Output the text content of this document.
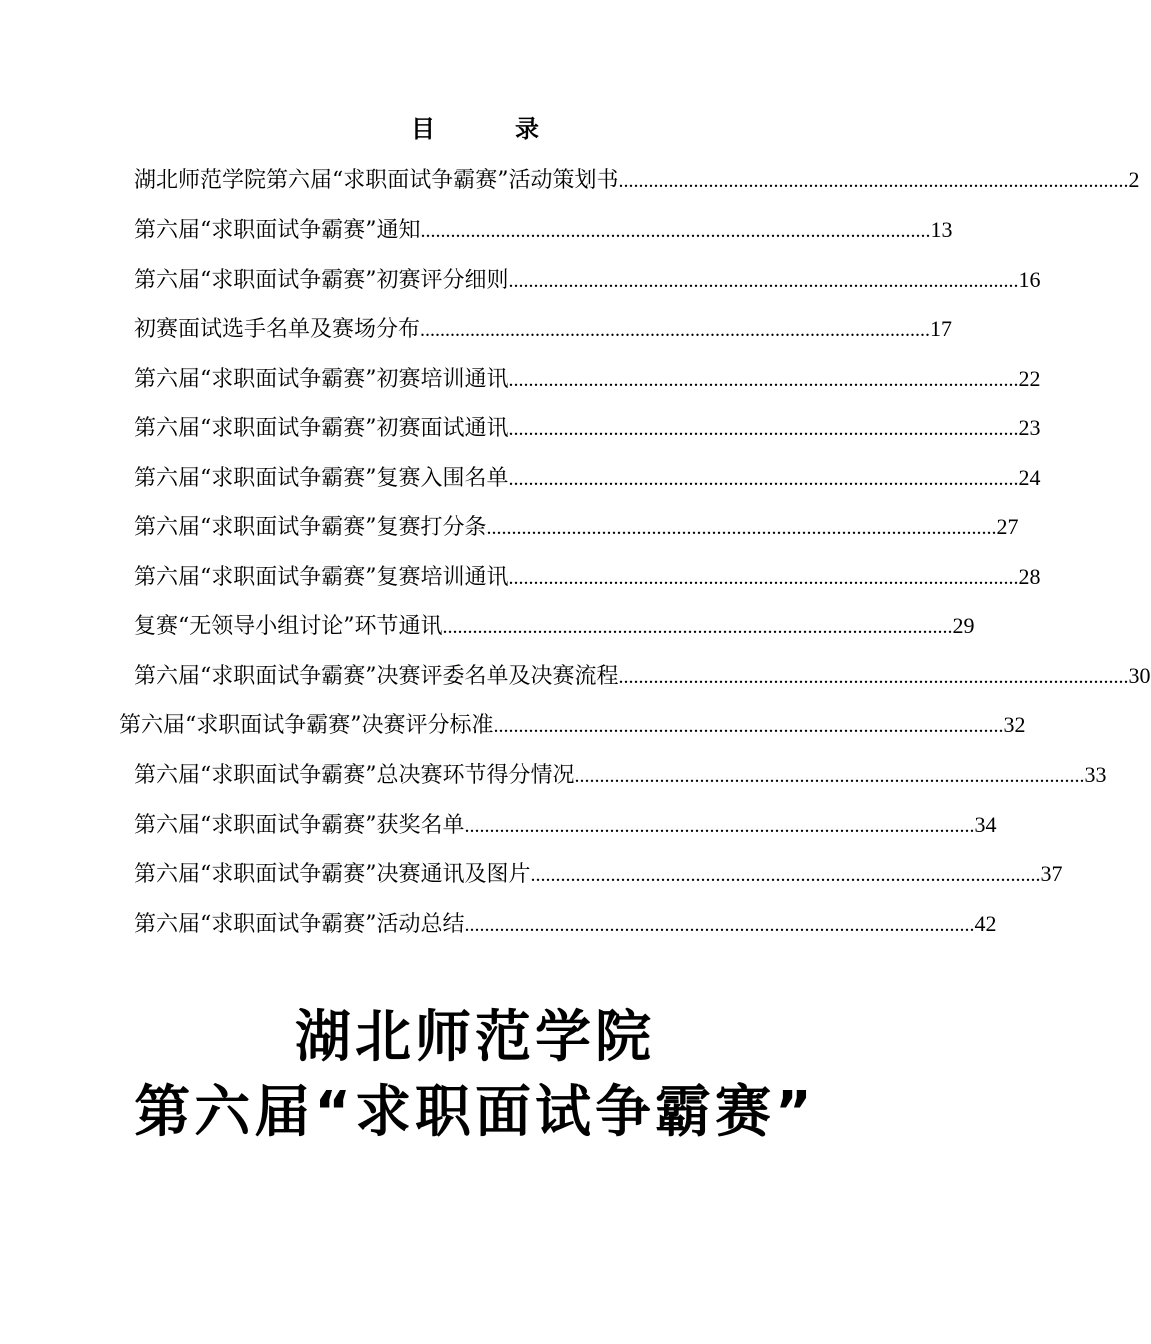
目　录
湖北师范学院第六届“求职面试争霸赛”活动策划书 ...................................................................................................... 2
第六届“求职面试争霸赛”通知 ...................................................................................................... 13
第六届“求职面试争霸赛”初赛评分细则 ...................................................................................................... 16
初赛面试选手名单及赛场分布 ...................................................................................................... 17
第六届“求职面试争霸赛”初赛培训通讯 ...................................................................................................... 22
第六届“求职面试争霸赛”初赛面试通讯 ...................................................................................................... 23
第六届“求职面试争霸赛”复赛入围名单 ...................................................................................................... 24
第六届“求职面试争霸赛”复赛打分条 ...................................................................................................... 27
第六届“求职面试争霸赛”复赛培训通讯 ...................................................................................................... 28
复赛“无领导小组讨论”环节通讯 ...................................................................................................... 29
第六届“求职面试争霸赛”决赛评委名单及决赛流程 ...................................................................................................... 30
第六届“求职面试争霸赛”决赛评分标准 ...................................................................................................... 32
第六届“求职面试争霸赛”总决赛环节得分情况 ...................................................................................................... 33
第六届“求职面试争霸赛”获奖名单 ...................................................................................................... 34
第六届“求职面试争霸赛”决赛通讯及图片 ...................................................................................................... 37
第六届“求职面试争霸赛”活动总结 ...................................................................................................... 42
湖北师范学院
第六届“求职面试争霸赛”
